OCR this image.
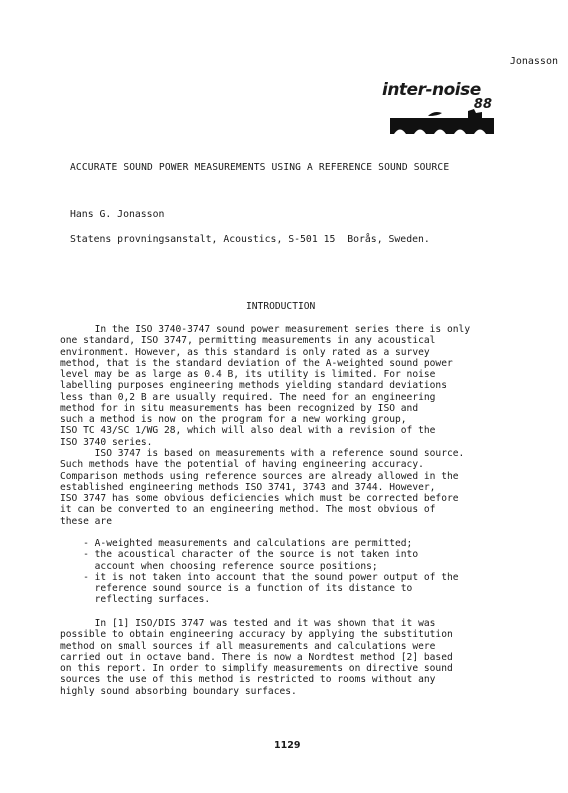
Jonasson

inter-noise

88

ACCURATE SOUND POWER MEASUREMENTS USING A REFERENCE SOUND SOURCE
Hans G. Jonasson
Statens provningsanstalt, Acoustics, S-501 15  Borås, Sweden.
INTRODUCTION
In the ISO 3740-3747 sound power measurement series there is only
one standard, ISO 3747, permitting measurements in any acoustical
environment. However, as this standard is only rated as a survey
method, that is the standard deviation of the A-weighted sound power
level may be as large as 0.4 B, its utility is limited. For noise
labelling purposes engineering methods yielding standard deviations
less than 0,2 B are usually required. The need for an engineering
method for in situ measurements has been recognized by ISO and
such a method is now on the program for a new working group,
ISO TC 43/SC 1/WG 28, which will also deal with a revision of the
ISO 3740 series.
ISO 3747 is based on measurements with a reference sound source.
Such methods have the potential of having engineering accuracy.
Comparison methods using reference sources are already allowed in the
established engineering methods ISO 3741, 3743 and 3744. However,
ISO 3747 has some obvious deficiencies which must be corrected before
it can be converted to an engineering method. The most obvious of
these are
- A-weighted measurements and calculations are permitted;
- the acoustical character of the source is not taken into
account when choosing reference source positions;
- it is not taken into account that the sound power output of the
reference sound source is a function of its distance to
reflecting surfaces.
In [1] ISO/DIS 3747 was tested and it was shown that it was
possible to obtain engineering accuracy by applying the substitution
method on small sources if all measurements and calculations were
carried out in octave band. There is now a Nordtest method [2] based
on this report. In order to simplify measurements on directive sound
sources the use of this method is restricted to rooms without any
highly sound absorbing boundary surfaces.
1129
